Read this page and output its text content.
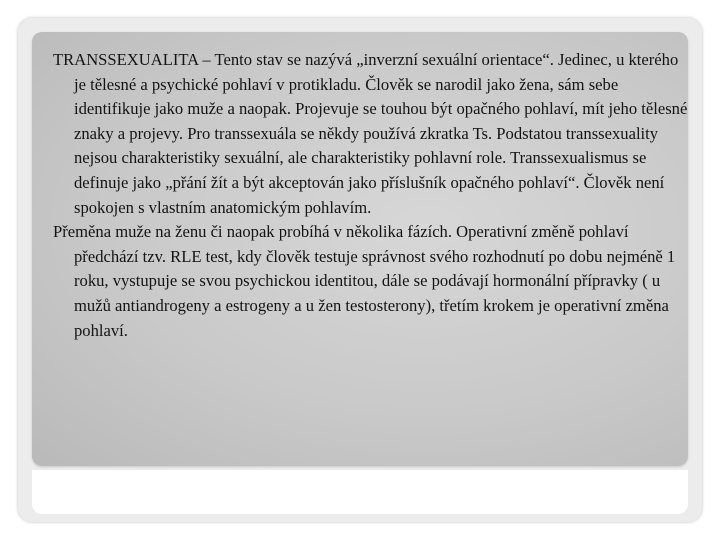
TRANSSEXUALITA – Tento stav se nazývá „inverzní sexuální orientace“. Jedinec, u kterého je tělesné a psychické pohlaví v protikladu. Člověk se narodil jako žena, sám sebe identifikuje jako muže a naopak. Projevuje se touhou být opačného pohlaví, mít jeho tělesné znaky a projevy. Pro transsexuála se někdy používá zkratka Ts. Podstatou transsexuality nejsou charakteristiky sexuální, ale charakteristiky pohlavní role. Transsexualismus se definuje jako „přání žít a být akceptován jako příslušník opačného pohlaví“. Člověk není spokojen s vlastním anatomickým pohlavím.

Přeměna muže na ženu či naopak probíhá v několika fázích. Operativní změně pohlaví předchází tzv. RLE test, kdy člověk testuje správnost svého rozhodnutí po dobu nejméně 1 roku, vystupuje se svou psychickou identitou, dále se podávají hormonální přípravky ( u mužů antiandrogeny a estrogeny a u žen testosterony), třetím krokem je operativní změna pohlaví.
